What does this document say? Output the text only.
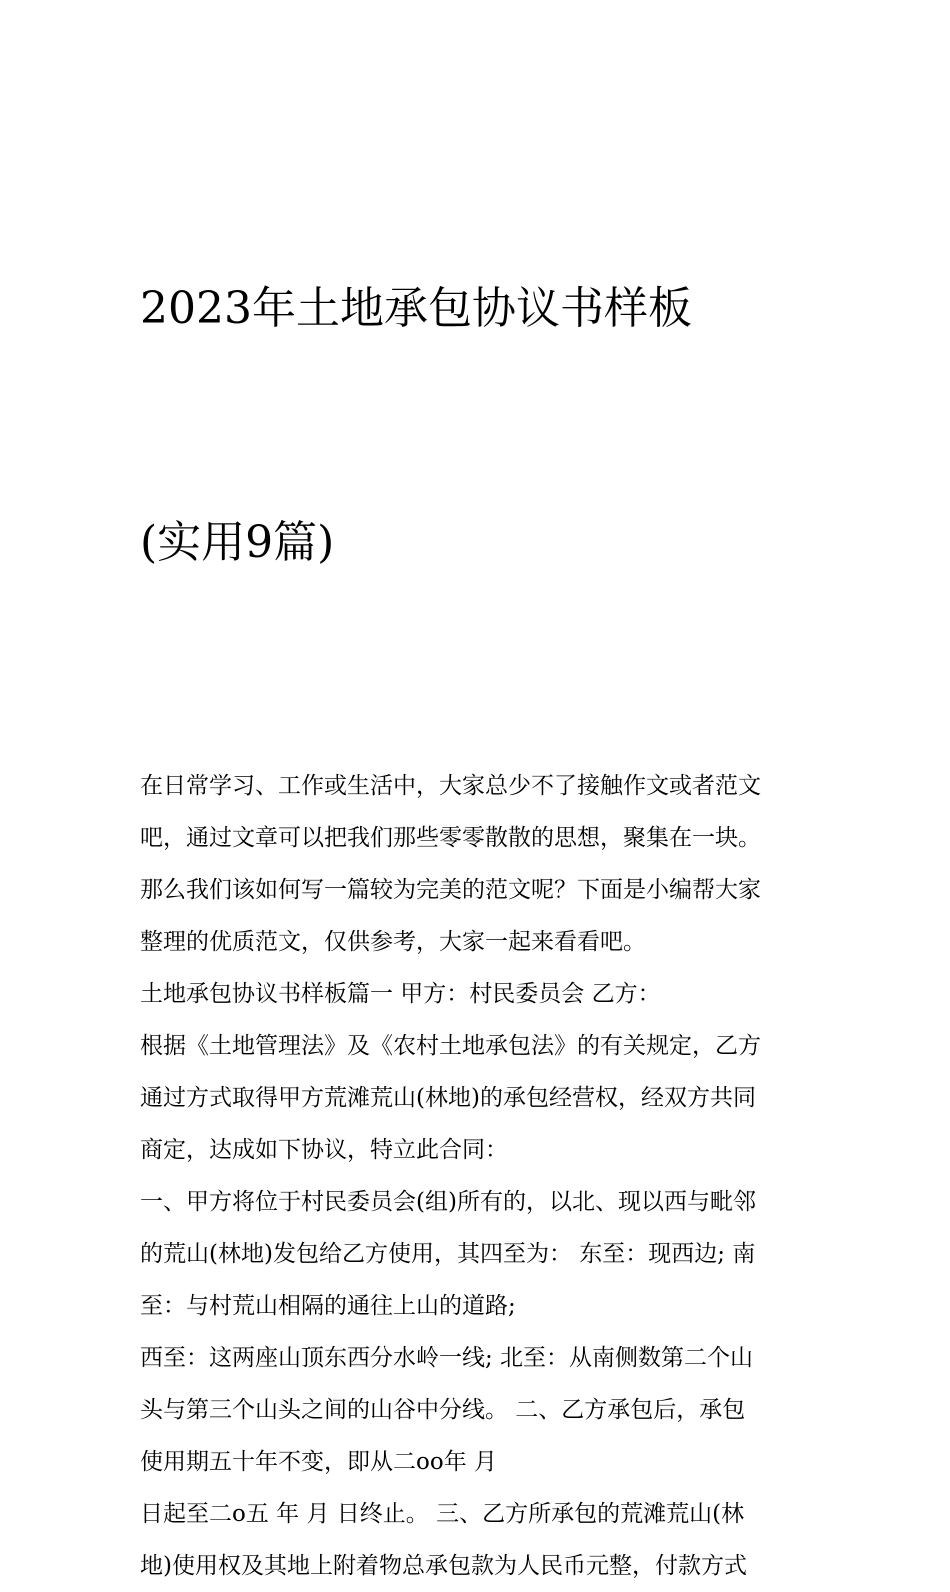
2023年土地承包协议书样板

(实用9篇)

在日常学习、工作或生活中，大家总少不了接触作文或者范文
吧，通过文章可以把我们那些零零散散的思想，聚集在一块。
那么我们该如何写一篇较为完美的范文呢？下面是小编帮大家
整理的优质范文，仅供参考，大家一起来看看吧。
土地承包协议书样板篇一 甲方：村民委员会 乙方：
根据《土地管理法》及《农村土地承包法》的有关规定，乙方
通过方式取得甲方荒滩荒山(林地)的承包经营权，经双方共同
商定，达成如下协议，特立此合同：
一、甲方将位于村民委员会(组)所有的，以北、现以西与毗邻
的荒山(林地)发包给乙方使用，其四至为： 东至：现西边; 南
至：与村荒山相隔的通往上山的道路;
西至：这两座山顶东西分水岭一线; 北至：从南侧数第二个山
头与第三个山头之间的山谷中分线。 二、乙方承包后，承包
使用期五十年不变，即从二oo年 月
日起至二o五 年 月 日终止。 三、乙方所承包的荒滩荒山(林
地)使用权及其地上附着物总承包款为人民币元整，付款方式
